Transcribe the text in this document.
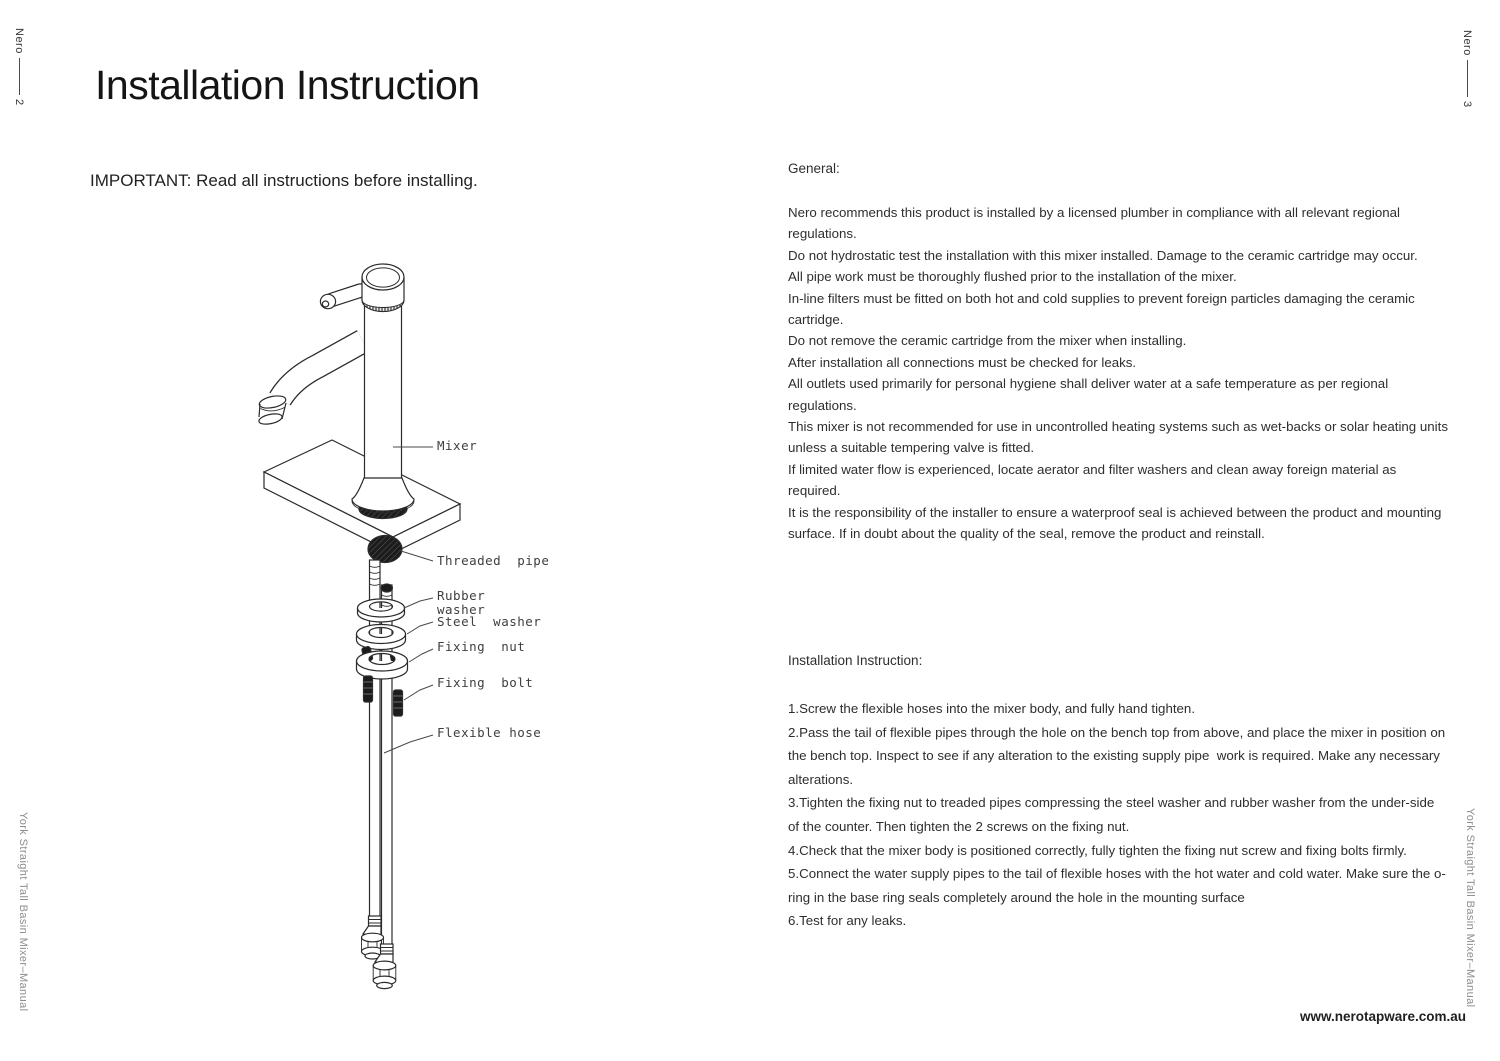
Nero
2
Nero
3
York Straight Tall Basin Mixer–Manual	York Straight Tall Basin Mixer–Manual
Installation Instruction
IMPORTANT: Read all instructions before installing.
Mixer
Threaded  pipe
Rubber
washer
Steel  washer
Fixing  nut
Fixing  bolt
Flexible hose
General:
Nero recommends this product is installed by a licensed plumber in compliance with all relevant regional
regulations.
Do not hydrostatic test the installation with this mixer installed. Damage to the ceramic cartridge may occur.
All pipe work must be thoroughly flushed prior to the installation of the mixer.
In-line filters must be fitted on both hot and cold supplies to prevent foreign particles damaging the ceramic
cartridge.
Do not remove the ceramic cartridge from the mixer when installing.
After installation all connections must be checked for leaks.
All outlets used primarily for personal hygiene shall deliver water at a safe temperature as per regional
regulations.
This mixer is not recommended for use in uncontrolled heating systems such as wet-backs or solar heating units
unless a suitable tempering valve is fitted.
If limited water flow is experienced, locate aerator and filter washers and clean away foreign material as
required.
It is the responsibility of the installer to ensure a waterproof seal is achieved between the product and mounting
surface. If in doubt about the quality of the seal, remove the product and reinstall.
Installation Instruction:
1.Screw the flexible hoses into the mixer body, and fully hand tighten.
2.Pass the tail of flexible pipes through the hole on the bench top from above, and place the mixer in position on
the bench top. Inspect to see if any alteration to the existing supply pipe  work is required. Make any necessary
alterations.
3.Tighten the fixing nut to treaded pipes compressing the steel washer and rubber washer from the under-side
of the counter. Then tighten the 2 screws on the fixing nut.
4.Check that the mixer body is positioned correctly, fully tighten the fixing nut screw and fixing bolts firmly.
5.Connect the water supply pipes to the tail of flexible hoses with the hot water and cold water. Make sure the o-
ring in the base ring seals completely around the hole in the mounting surface
6.Test for any leaks.
www.nerotapware.com.au
